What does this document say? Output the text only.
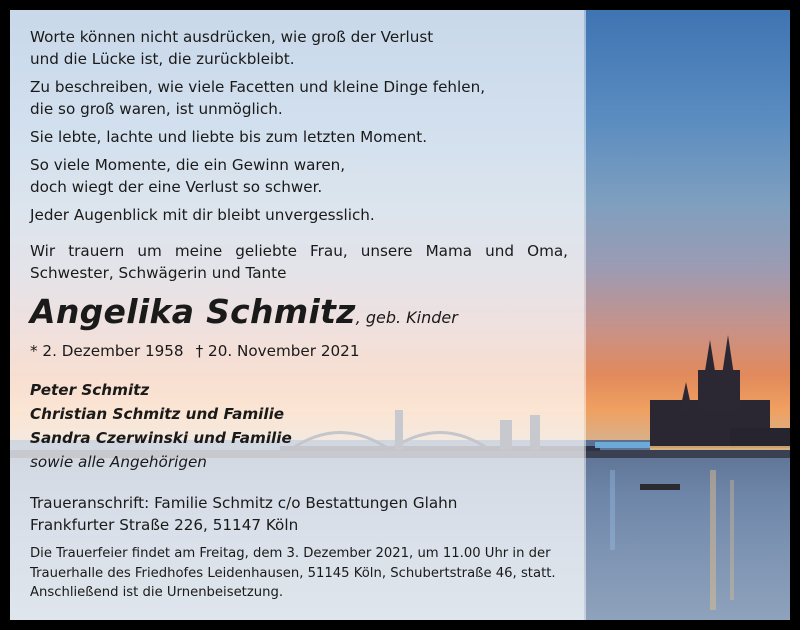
Worte können nicht ausdrücken, wie groß der Verlust
und die Lücke ist, die zurückbleibt.

Zu beschreiben, wie viele Facetten und kleine Dinge fehlen,
die so groß waren, ist unmöglich.

Sie lebte, lachte und liebte bis zum letzten Moment.

So viele Momente, die ein Gewinn waren,
doch wiegt der eine Verlust so schwer.

Jeder Augenblick mit dir bleibt unvergesslich.

Wir trauern um meine geliebte Frau, unsere Mama und Oma, Schwester, Schwägerin und Tante

Angelika Schmitz, geb. Kinder
* 2. Dezember 1958 † 20. November 2021
Peter Schmitz
Christian Schmitz und Familie
Sandra Czerwinski und Familie
sowie alle Angehörigen
Traueranschrift: Familie Schmitz c/o Bestattungen Glahn
Frankfurter Straße 226, 51147 Köln
Die Trauerfeier findet am Freitag, dem 3. Dezember 2021, um 11.00 Uhr in der Trauerhalle des Friedhofes Leidenhausen, 51145 Köln, Schubertstraße 46, statt. Anschließend ist die Urnenbeisetzung.
